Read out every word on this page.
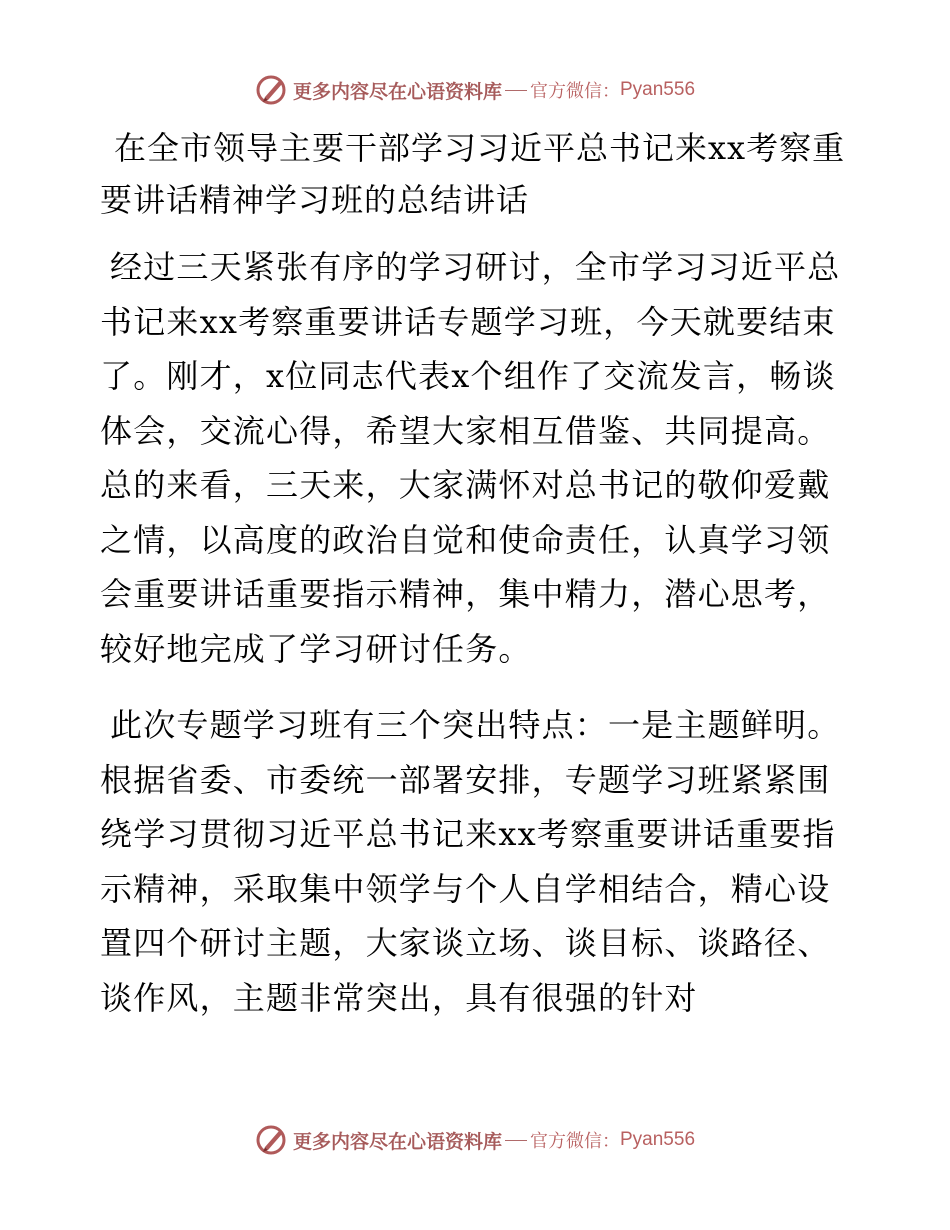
更多内容尽在心语资料库 官方微信： Pyan556
在全市领导主要干部学习习近平总书记来xx考察重要讲话精神学习班的总结讲话
经过三天紧张有序的学习研讨，全市学习习近平总书记来xx考察重要讲话专题学习班，今天就要结束了。刚才，x位同志代表x个组作了交流发言，畅谈体会，交流心得，希望大家相互借鉴、共同提高。总的来看，三天来，大家满怀对总书记的敬仰爱戴之情，以高度的政治自觉和使命责任，认真学习领会重要讲话重要指示精神，集中精力，潜心思考，较好地完成了学习研讨任务。
此次专题学习班有三个突出特点：一是主题鲜明。根据省委、市委统一部署安排，专题学习班紧紧围绕学习贯彻习近平总书记来xx考察重要讲话重要指示精神，采取集中领学与个人自学相结合，精心设置四个研讨主题，大家谈立场、谈目标、谈路径、谈作风，主题非常突出，具有很强的针对
更多内容尽在心语资料库 官方微信： Pyan556
